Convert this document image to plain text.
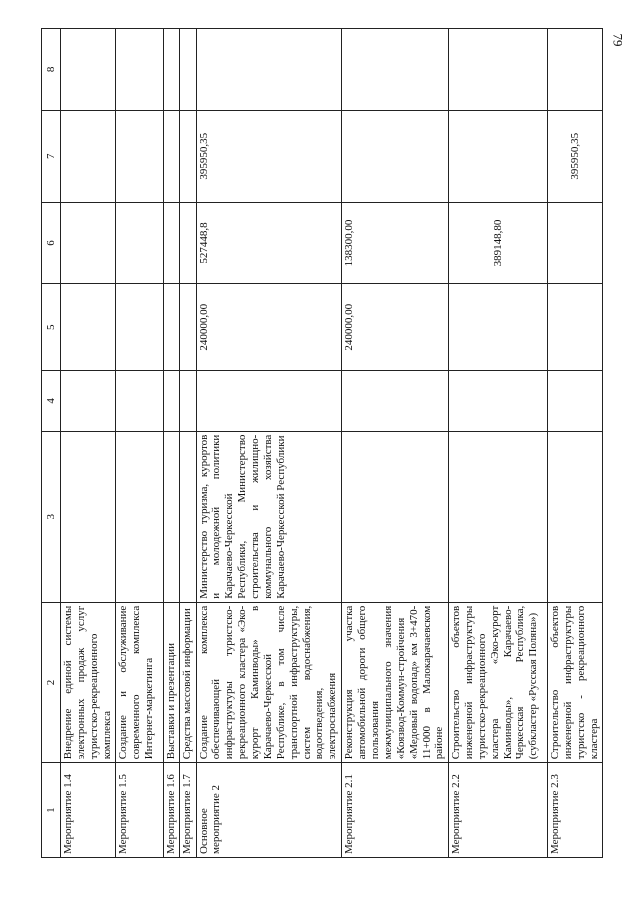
79
1	2	3	4	5	6	7	8
Мероприятие 1.4	Внедрение единой системы электронных продаж услуг туристско-рекреационного комплекса						
Мероприятие 1.5	Создание и обслуживание современного комплекса Интернет-маркетинга						
Мероприятие 1.6	Выставки и презентации						
Мероприятие 1.7	Средства массовой информации						
Основное мероприятие 2	Создание комплекса обеспечивающей инфраструктуры туристско-рекреационного кластера «Эко-курорт Каминводы» в Карачаево-Черкесской Республике, в том числе транспортной инфраструктуры, систем водоснабжения, водоотведения, электроснабжения	Министерство туризма, курортов и молодежной политики Карачаево-Черкесской Республики, Министерство строительства и жилищно-коммунального хозяйства Карачаево-Черкесской Республики		240000,00	527448,8	395950,35	
Мероприятие 2.1	Реконструкция участка автомобильной дороги общего пользования межмуниципального значения «Коязвод-Коммун-стройчения «Медовый водопад» км 3+470-11+000 в Малокарачаевском районе			240000,00	138300,00		
Мероприятие 2.2	Строительство объектов инженерной инфраструктуры туристско-рекреационного кластера «Эко-курорт Каминводы», Карачаево-Черкесская Республика, (субкластер «Русская Поляна»)				389148,80		
Мероприятие 2.3	Строительство объектов инженерной инфраструктуры туристско - рекреационного кластера					395950,35	
